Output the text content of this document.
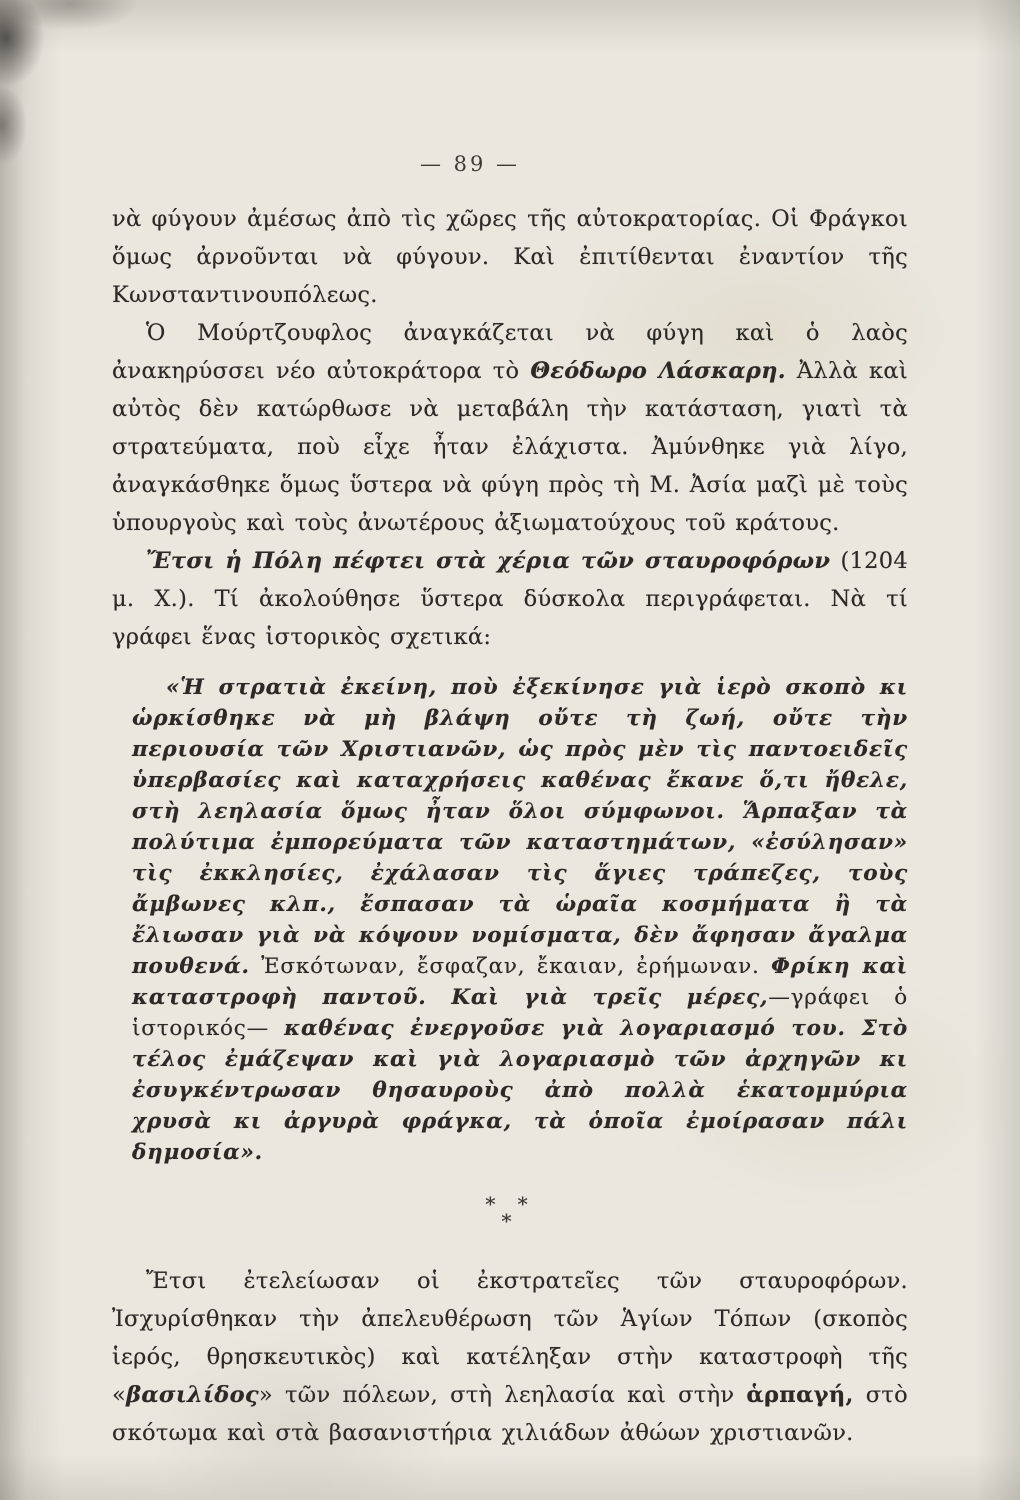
— 89 —

νὰ φύγουν ἀμέσως ἀπὸ τὶς χῶρες τῆς αὐτοκρατορίας. Οἱ Φράγκοι ὅμως ἀρνοῦνται νὰ φύγουν. Καὶ ἐπιτίθενται ἐναντίον τῆς Κωνσταντινουπόλεως.

Ὁ Μούρτζουφλος ἀναγκάζεται νὰ φύγη καὶ ὁ λαὸς ἀνακηρύσσει νέο αὐτοκράτορα τὸ Θεόδωρο Λάσκαρη. Ἀλλὰ καὶ αὐτὸς δὲν κατώρθωσε νὰ μεταβάλη τὴν κατάσταση, γιατὶ τὰ στρατεύματα, ποὺ εἶχε ἦταν ἐλάχιστα. Ἀμύνθηκε γιὰ λίγο, ἀναγκάσθηκε ὅμως ὕστερα νὰ φύγη πρὸς τὴ Μ. Ἀσία μαζὶ μὲ τοὺς ὑπουργοὺς καὶ τοὺς ἀνωτέρους ἀξιωματούχους τοῦ κράτους.

Ἔτσι ἡ Πόλη πέφτει στὰ χέρια τῶν σταυροφόρων (1204 μ. Χ.). Τί ἀκολούθησε ὕστερα δύσκολα περιγράφεται. Νὰ τί γράφει ἕνας ἱστορικὸς σχετικά:

«Ἡ στρατιὰ ἐκείνη, ποὺ ἐξεκίνησε γιὰ ἱερὸ σκοπὸ κι ὡρκίσθηκε νὰ μὴ βλάψη οὔτε τὴ ζωή, οὔτε τὴν περιουσία τῶν Χριστιανῶν, ὡς πρὸς μὲν τὶς παντοειδεῖς ὑπερβασίες καὶ καταχρήσεις καθένας ἔκανε ὅ,τι ἤθελε, στὴ λεηλασία ὅμως ἦταν ὅλοι σύμφωνοι. Ἅρπαξαν τὰ πολύτιμα ἐμπορεύματα τῶν καταστημάτων, «ἐσύλησαν» τὶς ἐκκλησίες, ἐχάλασαν τὶς ἅγιες τράπεζες, τοὺς ἄμβωνες κλπ., ἔσπασαν τὰ ὡραῖα κοσμήματα ἢ τὰ ἔλιωσαν γιὰ νὰ κόψουν νομίσματα, δὲν ἄφησαν ἄγαλμα πουθενά. Ἐσκότωναν, ἔσφαζαν, ἔκαιαν, ἐρήμωναν. Φρίκη καὶ καταστροφὴ παντοῦ. Καὶ γιὰ τρεῖς μέρες,—γράφει ὁ ἱστορικός— καθένας ἐνεργοῦσε γιὰ λογαριασμό του. Στὸ τέλος ἐμάζεψαν καὶ γιὰ λογαριασμὸ τῶν ἀρχηγῶν κι ἐσυγκέντρωσαν θησαυροὺς ἀπὸ πολλὰ ἑκατομμύρια χρυσὰ κι ἀργυρὰ φράγκα, τὰ ὁποῖα ἐμοίρασαν πάλι δημοσία».

* *
*

Ἔτσι ἐτελείωσαν οἱ ἐκστρατεῖες τῶν σταυροφόρων. Ἰσχυρίσθηκαν τὴν ἀπελευθέρωση τῶν Ἁγίων Τόπων (σκοπὸς ἱερός, θρησκευτικὸς) καὶ κατέληξαν στὴν καταστροφὴ τῆς «βασιλίδος» τῶν πόλεων, στὴ λεηλασία καὶ στὴν ἁρπαγή, στὸ σκότωμα καὶ στὰ βασανιστήρια χιλιάδων ἀθώων χριστιανῶν.
